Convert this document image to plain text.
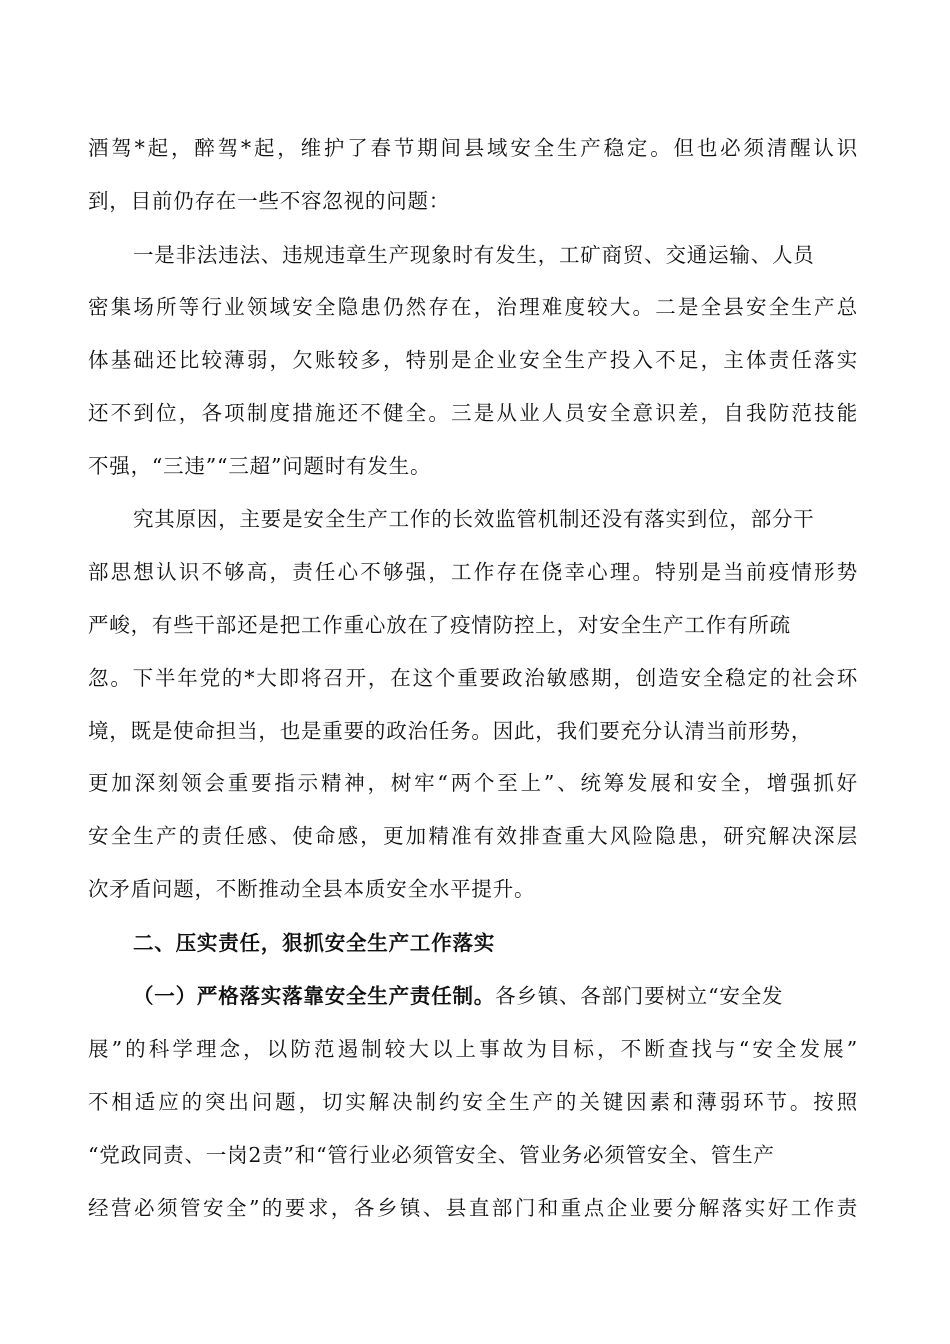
酒驾*起，醉驾*起，维护了春节期间县域安全生产稳定。但也必须清醒认识

到，目前仍存在一些不容忽视的问题：

一是非法违法、违规违章生产现象时有发生，工矿商贸、交通运输、人员

密集场所等行业领域安全隐患仍然存在，治理难度较大。二是全县安全生产总

体基础还比较薄弱，欠账较多，特别是企业安全生产投入不足，主体责任落实

还不到位，各项制度措施还不健全。三是从业人员安全意识差，自我防范技能

不强，“三违”“三超”问题时有发生。

究其原因，主要是安全生产工作的长效监管机制还没有落实到位，部分干

部思想认识不够高，责任心不够强，工作存在侥幸心理。特别是当前疫情形势

严峻，有些干部还是把工作重心放在了疫情防控上，对安全生产工作有所疏

忽。下半年党的*大即将召开，在这个重要政治敏感期，创造安全稳定的社会环

境，既是使命担当，也是重要的政治任务。因此，我们要充分认清当前形势，

更加深刻领会重要指示精神，树牢“两个至上”、统筹发展和安全，增强抓好

安全生产的责任感、使命感，更加精准有效排查重大风险隐患，研究解决深层

次矛盾问题，不断推动全县本质安全水平提升。

二、压实责任，狠抓安全生产工作落实

（一）严格落实落靠安全生产责任制。各乡镇、各部门要树立“安全发

展”的科学理念，以防范遏制较大以上事故为目标，不断查找与“安全发展”

不相适应的突出问题，切实解决制约安全生产的关键因素和薄弱环节。按照

“党政同责、一岗2责”和“管行业必须管安全、管业务必须管安全、管生产

经营必须管安全”的要求，各乡镇、县直部门和重点企业要分解落实好工作责
